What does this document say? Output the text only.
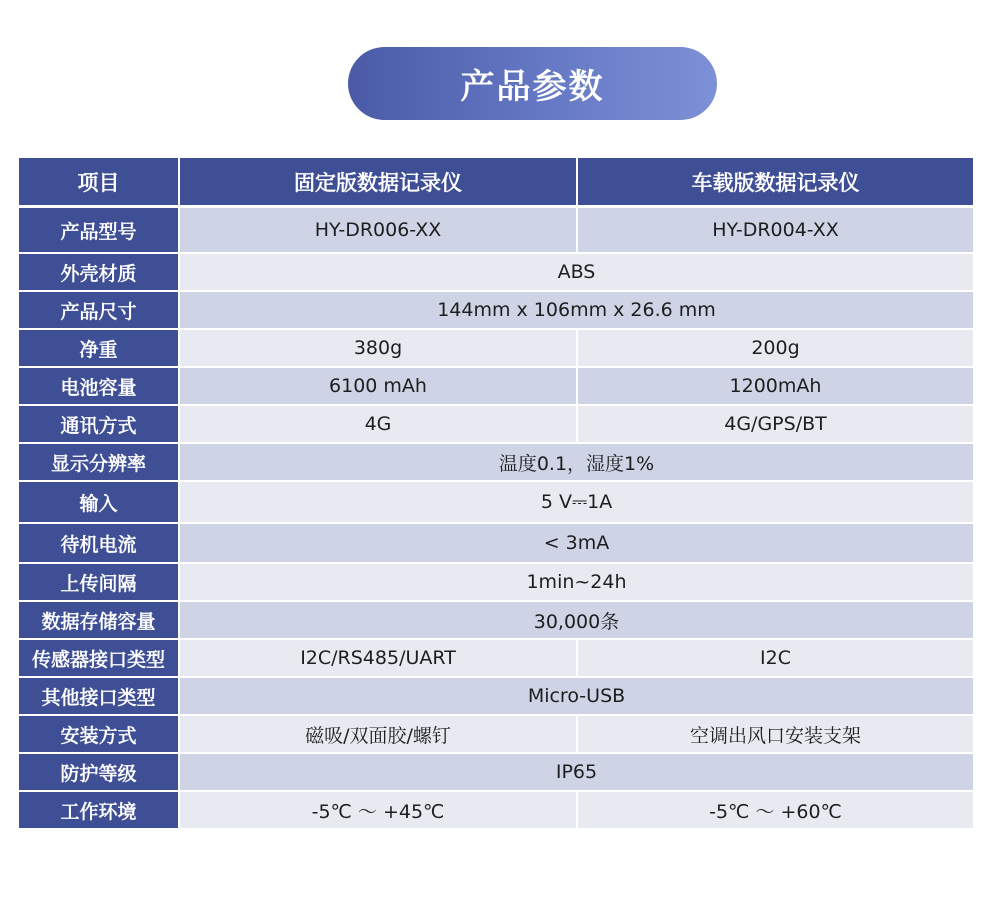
产品参数
项目	固定版数据记录仪	车载版数据记录仪
产品型号	HY-DR006-XX	HY-DR004-XX
外壳材质	ABS
产品尺寸	144mm x 106mm x 26.6 mm
净重	380g	200g
电池容量	6100 mAh	1200mAh
通讯方式	4G	4G/GPS/BT
显示分辨率	温度0.1，湿度1%
输入	5 V⎓1A
待机电流	< 3mA
上传间隔	1min~24h
数据存储容量	30,000条
传感器接口类型	I2C/RS485/UART	I2C
其他接口类型	Micro-USB
安装方式	磁吸/双面胶/螺钉	空调出风口安装支架
防护等级	IP65
工作环境	-5℃ ～ +45℃	-5℃ ～ +60℃
